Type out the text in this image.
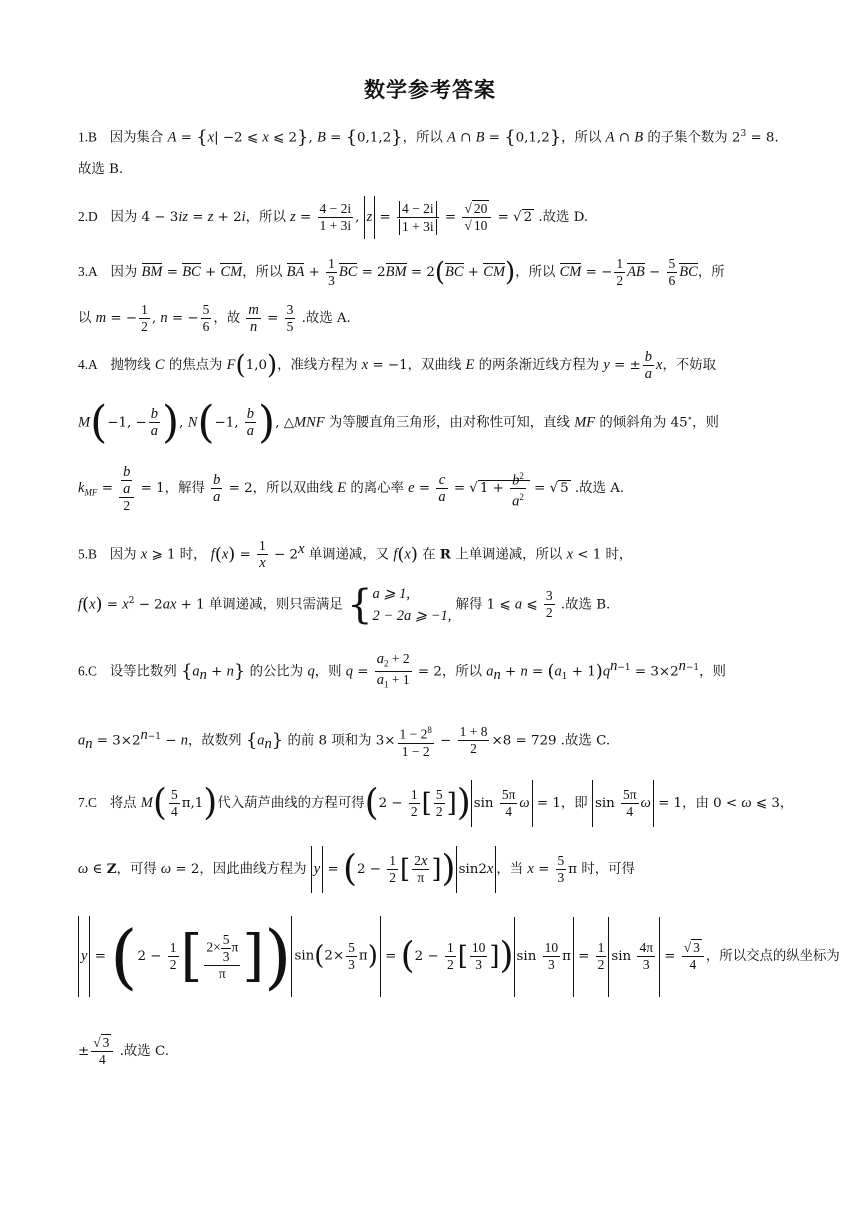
数学参考答案
1.B   因为集合 A = {x| −2 ⩽ x ⩽ 2}, B = {0,1,2}，所以 A ∩ B = {0,1,2}，所以 A ∩ B 的子集个数为 $2^3 = 8$．
故选 B.
2.D   因为 4 − 3iz = z + 2i，所以 $z = \frac{4 - 2i}{1 + 3i}$ , $z = \frac{4 - 2i}{1 + 3i} = \frac{√ 20}{√ 10}$ = √ 2 .故选 D.
3.A   因为 BM = BC + CM，所以 BA + $\frac{1}{3}$ BC = 2BM = 2(BC + CM)，所以 CM = − $\frac{1}{2}$ AB − $\frac{5}{6}$ BC，所
以 m = − $\frac{1}{2}$ , n = − $\frac{5}{6}$ ，故 $\frac{m}{n} = \frac{3}{5}$ .故选 A.
4.A   抛物线 C 的焦点为 F(1,0)，准线方程为 x = −1，双曲线 E 的两条渐近线方程为 y = ± $\frac{b}{a}$ x，不妨取
M(−1, − $\frac{b}{a}$ ), N(−1, $\frac{b}{a}$ ), △MNF 为等腰直角三角形，由对称性可知，直线 MF 的倾斜角为 45∘，则
$k_{MF} = \frac{\frac{b}{a}}{2} = 1$，解得 $\frac{b}{a} = 2$，所以双曲线 E 的离心率 $e = \frac{c}{a}$ = √ $1 + \frac{b^2}{a^2}$ = √ 5 .故选 A.
5.B   因为 x ⩾ 1 时， $f(x) = \frac{1}{x} - 2^x$ 单调递减，又 f(x) 在 R 上单调递减，所以 x < 1 时，
$f(x) = x^2 - 2ax + 1$ 单调递减，则只需满足 { a ⩾ 1,
2 − 2a ⩾ −1,
解得 1 ⩽ a ⩽ $\frac{3}{2}$ .故选 B.
6.C   设等比数列 $\{a_n + n\}$ 的公比为 q，则 $q = \frac{a_2 + 2}{a_1 + 1} = 2$，所以 $a_n + n = (a_1 + 1)q^{n-1} = 3\times 2^{n-1}$，则
$a_n = 3\times 2^{n-1} - n$，故数列 $\{a_n\}$ 的前 8 项和为 $3\times \frac{1 - 2^8}{1 - 2} - \frac{1 + 8}{2} \times 8 = 729$ .故选 C.
7.C   将点 $M( \frac{5}{4} \pi,1)$代入葫芦曲线的方程可得($2 - \frac{1}{2}$ [ $\frac{5}{2}$ ]) $\sin \frac{5\pi}{4}$ ω = 1，即 $\sin \frac{5\pi}{4}$ ω = 1，由 0 < ω ⩽ 3，
ω ∈ Z，可得 ω = 2，因此曲线方程为 $y = (2 - \frac{1}{2}$ [ $\frac{2x}{\pi}$ ]) sin2x ，当 $x = \frac{5}{3}$ π 时，可得
$y = (2 - \frac{1}{2}$ [ $\frac{2\times \frac{5}{3} \pi}{\pi}$ ]) $\sin(2\times \frac{5}{3} \pi) = (2 - \frac{1}{2}$ [ $\frac{10}{3}$ ]) $\sin \frac{10}{3}$ $\pi = \frac{1}{2}$ $\sin \frac{4\pi}{3} = \frac{√ 3}{4}$ ，所以交点的纵坐标为
± $\frac{√ 3}{4}$ .故选 C.
